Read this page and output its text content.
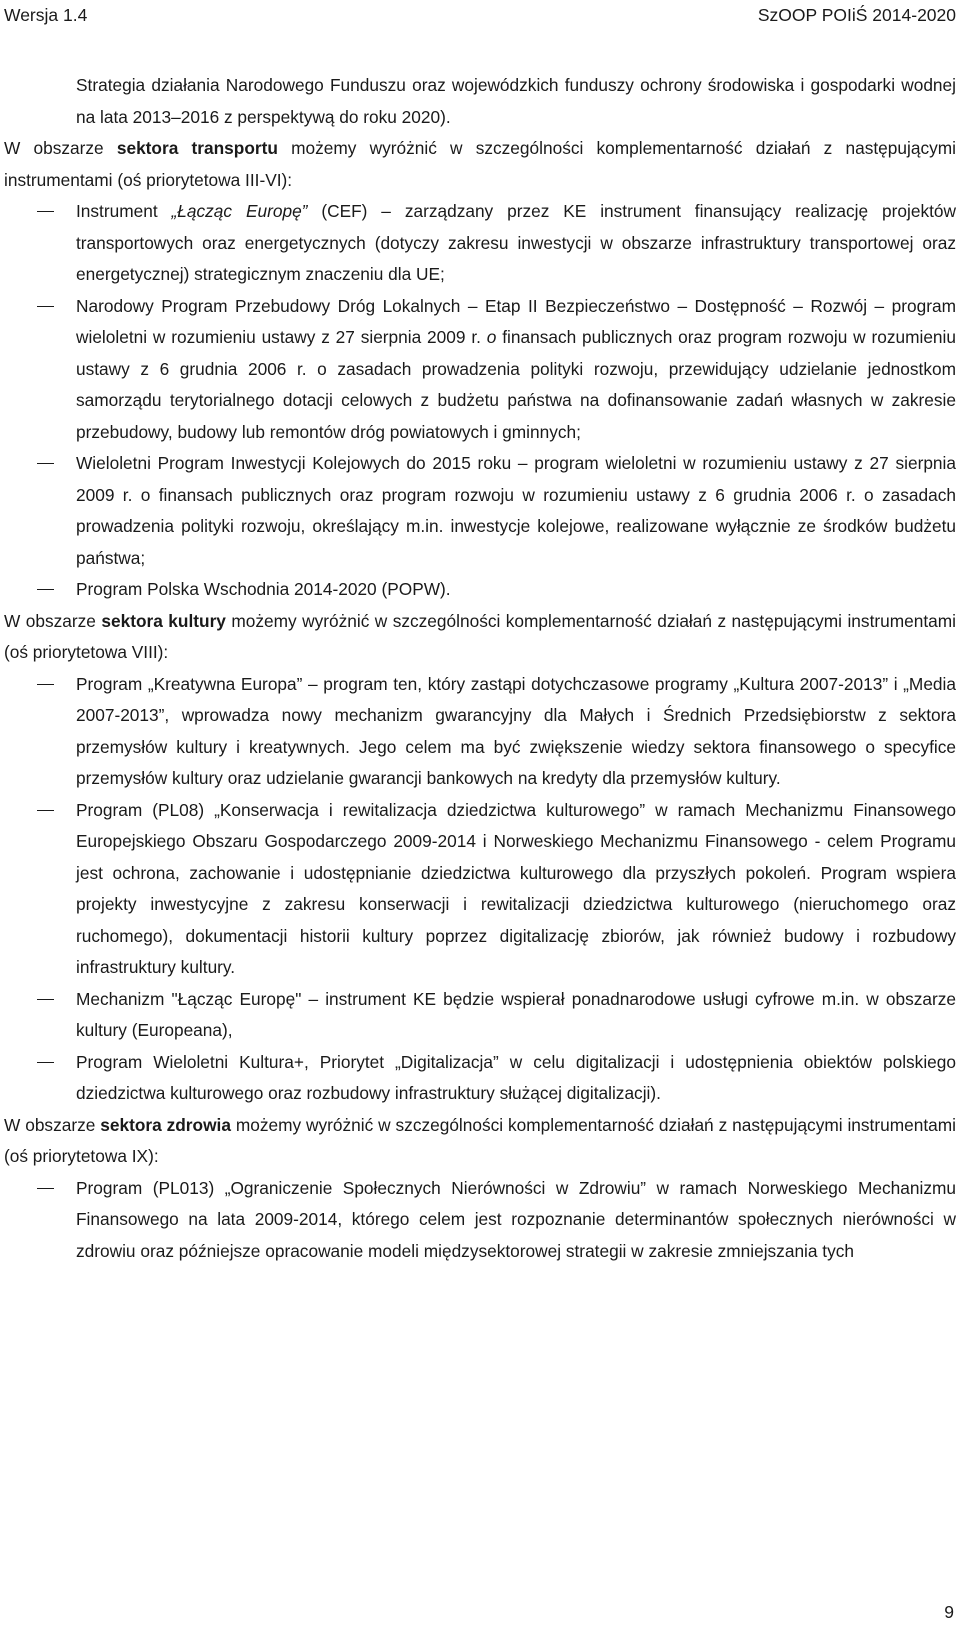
Wersja 1.4	SzOOP POIiŚ 2014-2020

Strategia działania Narodowego Funduszu oraz wojewódzkich funduszy ochrony środowiska i gospodarki wodnej na lata 2013–2016 z perspektywą do roku 2020).

W obszarze sektora transportu możemy wyróżnić w szczególności komplementarność działań z następującymi instrumentami (oś priorytetowa III-VI):

Instrument „Łącząc Europę” (CEF) – zarządzany przez KE instrument finansujący realizację projektów transportowych oraz energetycznych (dotyczy zakresu inwestycji w obszarze infrastruktury transportowej oraz energetycznej) strategicznym znaczeniu dla UE;

Narodowy Program Przebudowy Dróg Lokalnych – Etap II Bezpieczeństwo – Dostępność – Rozwój – program wieloletni w rozumieniu ustawy z 27 sierpnia 2009 r. o finansach publicznych oraz program rozwoju w rozumieniu ustawy z 6 grudnia 2006 r. o zasadach prowadzenia polityki rozwoju, przewidujący udzielanie jednostkom samorządu terytorialnego dotacji celowych z budżetu państwa na dofinansowanie zadań własnych w zakresie przebudowy, budowy lub remontów dróg powiatowych i gminnych;

Wieloletni Program Inwestycji Kolejowych do 2015 roku – program wieloletni w rozumieniu ustawy z 27 sierpnia 2009 r. o finansach publicznych oraz program rozwoju w rozumieniu ustawy z 6 grudnia 2006 r. o zasadach prowadzenia polityki rozwoju, określający m.in. inwestycje kolejowe, realizowane wyłącznie ze środków budżetu państwa;

Program Polska Wschodnia 2014-2020 (POPW).

W obszarze sektora kultury możemy wyróżnić w szczególności komplementarność działań z następującymi instrumentami (oś priorytetowa VIII):

Program „Kreatywna Europa” – program ten, który zastąpi dotychczasowe programy „Kultura 2007-2013” i „Media 2007-2013”, wprowadza nowy mechanizm gwarancyjny dla Małych i Średnich Przedsiębiorstw z sektora przemysłów kultury i kreatywnych. Jego celem ma być zwiększenie wiedzy sektora finansowego o specyfice przemysłów kultury oraz udzielanie gwarancji bankowych na kredyty dla przemysłów kultury.

Program (PL08) „Konserwacja i rewitalizacja dziedzictwa kulturowego” w ramach Mechanizmu Finansowego Europejskiego Obszaru Gospodarczego 2009-2014 i Norweskiego Mechanizmu Finansowego - celem Programu jest ochrona, zachowanie i udostępnianie dziedzictwa kulturowego dla przyszłych pokoleń. Program wspiera projekty inwestycyjne z zakresu konserwacji i rewitalizacji dziedzictwa kulturowego (nieruchomego oraz ruchomego), dokumentacji historii kultury poprzez digitalizację zbiorów, jak również budowy i rozbudowy infrastruktury kultury.

Mechanizm "Łącząc Europę" – instrument KE będzie wspierał ponadnarodowe usługi cyfrowe m.in. w obszarze kultury (Europeana),

Program Wieloletni Kultura+, Priorytet „Digitalizacja” w celu digitalizacji i udostępnienia obiektów polskiego dziedzictwa kulturowego oraz rozbudowy infrastruktury służącej digitalizacji).

W obszarze sektora zdrowia możemy wyróżnić w szczególności komplementarność działań z następującymi instrumentami (oś priorytetowa IX):

Program (PL013) „Ograniczenie Społecznych Nierówności w Zdrowiu” w ramach Norweskiego Mechanizmu Finansowego na lata 2009-2014, którego celem jest rozpoznanie determinantów społecznych nierówności w zdrowiu oraz późniejsze opracowanie modeli międzysektorowej strategii w zakresie zmniejszania tych

9
